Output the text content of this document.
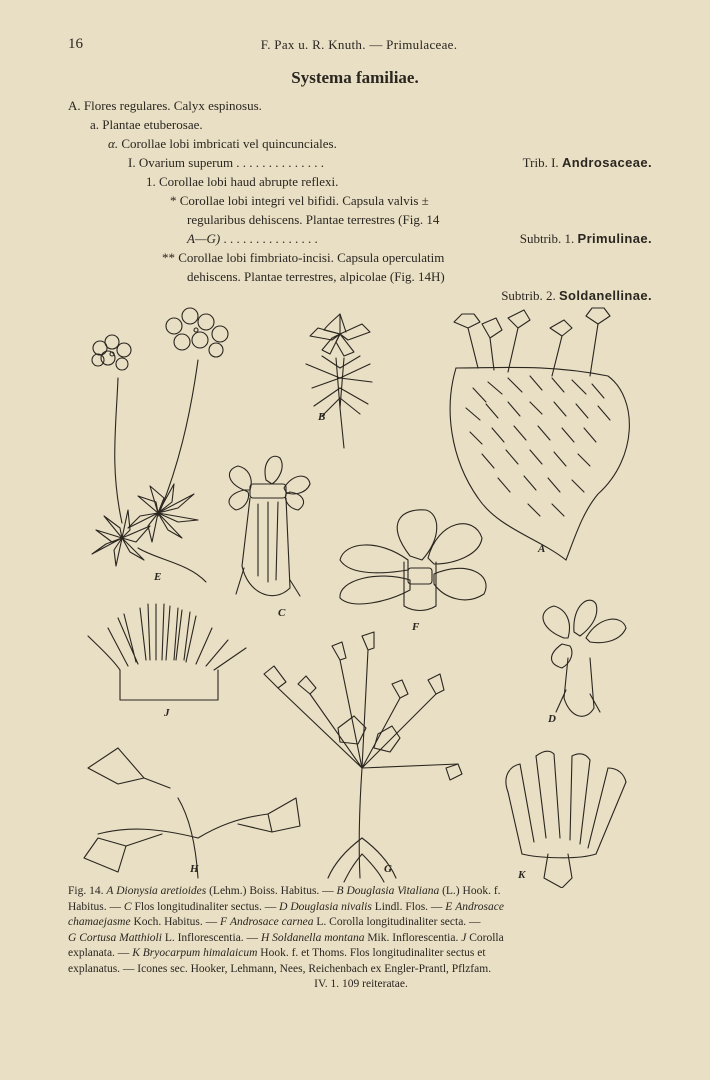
16	F. Pax u. R. Knuth. — Primulaceae.
Systema familiae.
A. Flores regulares. Calyx espinosus.
a. Plantae etuberosae.
α. Corollae lobi imbricati vel quincunciales.
I. Ovarium superum . . . . . . . . . . . . . .	Trib. I. Androsaceae.
1. Corollae lobi haud abrupte reflexi.
* Corollae lobi integri vel bifidi. Capsula valvis ±
regularibus dehiscens. Plantae terrestres (Fig. 14
A—G) . . . . . . . . . . . . . . .	Subtrib. 1. Primulinae.
** Corollae lobi fimbriato-incisi. Capsula operculatim
dehiscens. Plantae terrestres, alpicolae (Fig. 14H)
Subtrib. 2. Soldanellinae.
E
B
A
C
F
J
G
H
D
K
Fig. 14. A Dionysia aretioides (Lehm.) Boiss. Habitus. — B Douglasia Vitaliana (L.) Hook. f.
Habitus. — C Flos longitudinaliter sectus. — D Douglasia nivalis Lindl. Flos. — E Androsace
chamaejasme Koch. Habitus. — F Androsace carnea L. Corolla longitudinaliter secta. —
G Cortusa Matthioli L. Inflorescentia. — H Soldanella montana Mik. Inflorescentia. J Corolla
explanata. — K Bryocarpum himalaicum Hook. f. et Thoms. Flos longitudinaliter sectus et
explanatus. — Icones sec. Hooker, Lehmann, Nees, Reichenbach ex Engler-Prantl, Pflzfam.
IV. 1. 109 reiteratae.
